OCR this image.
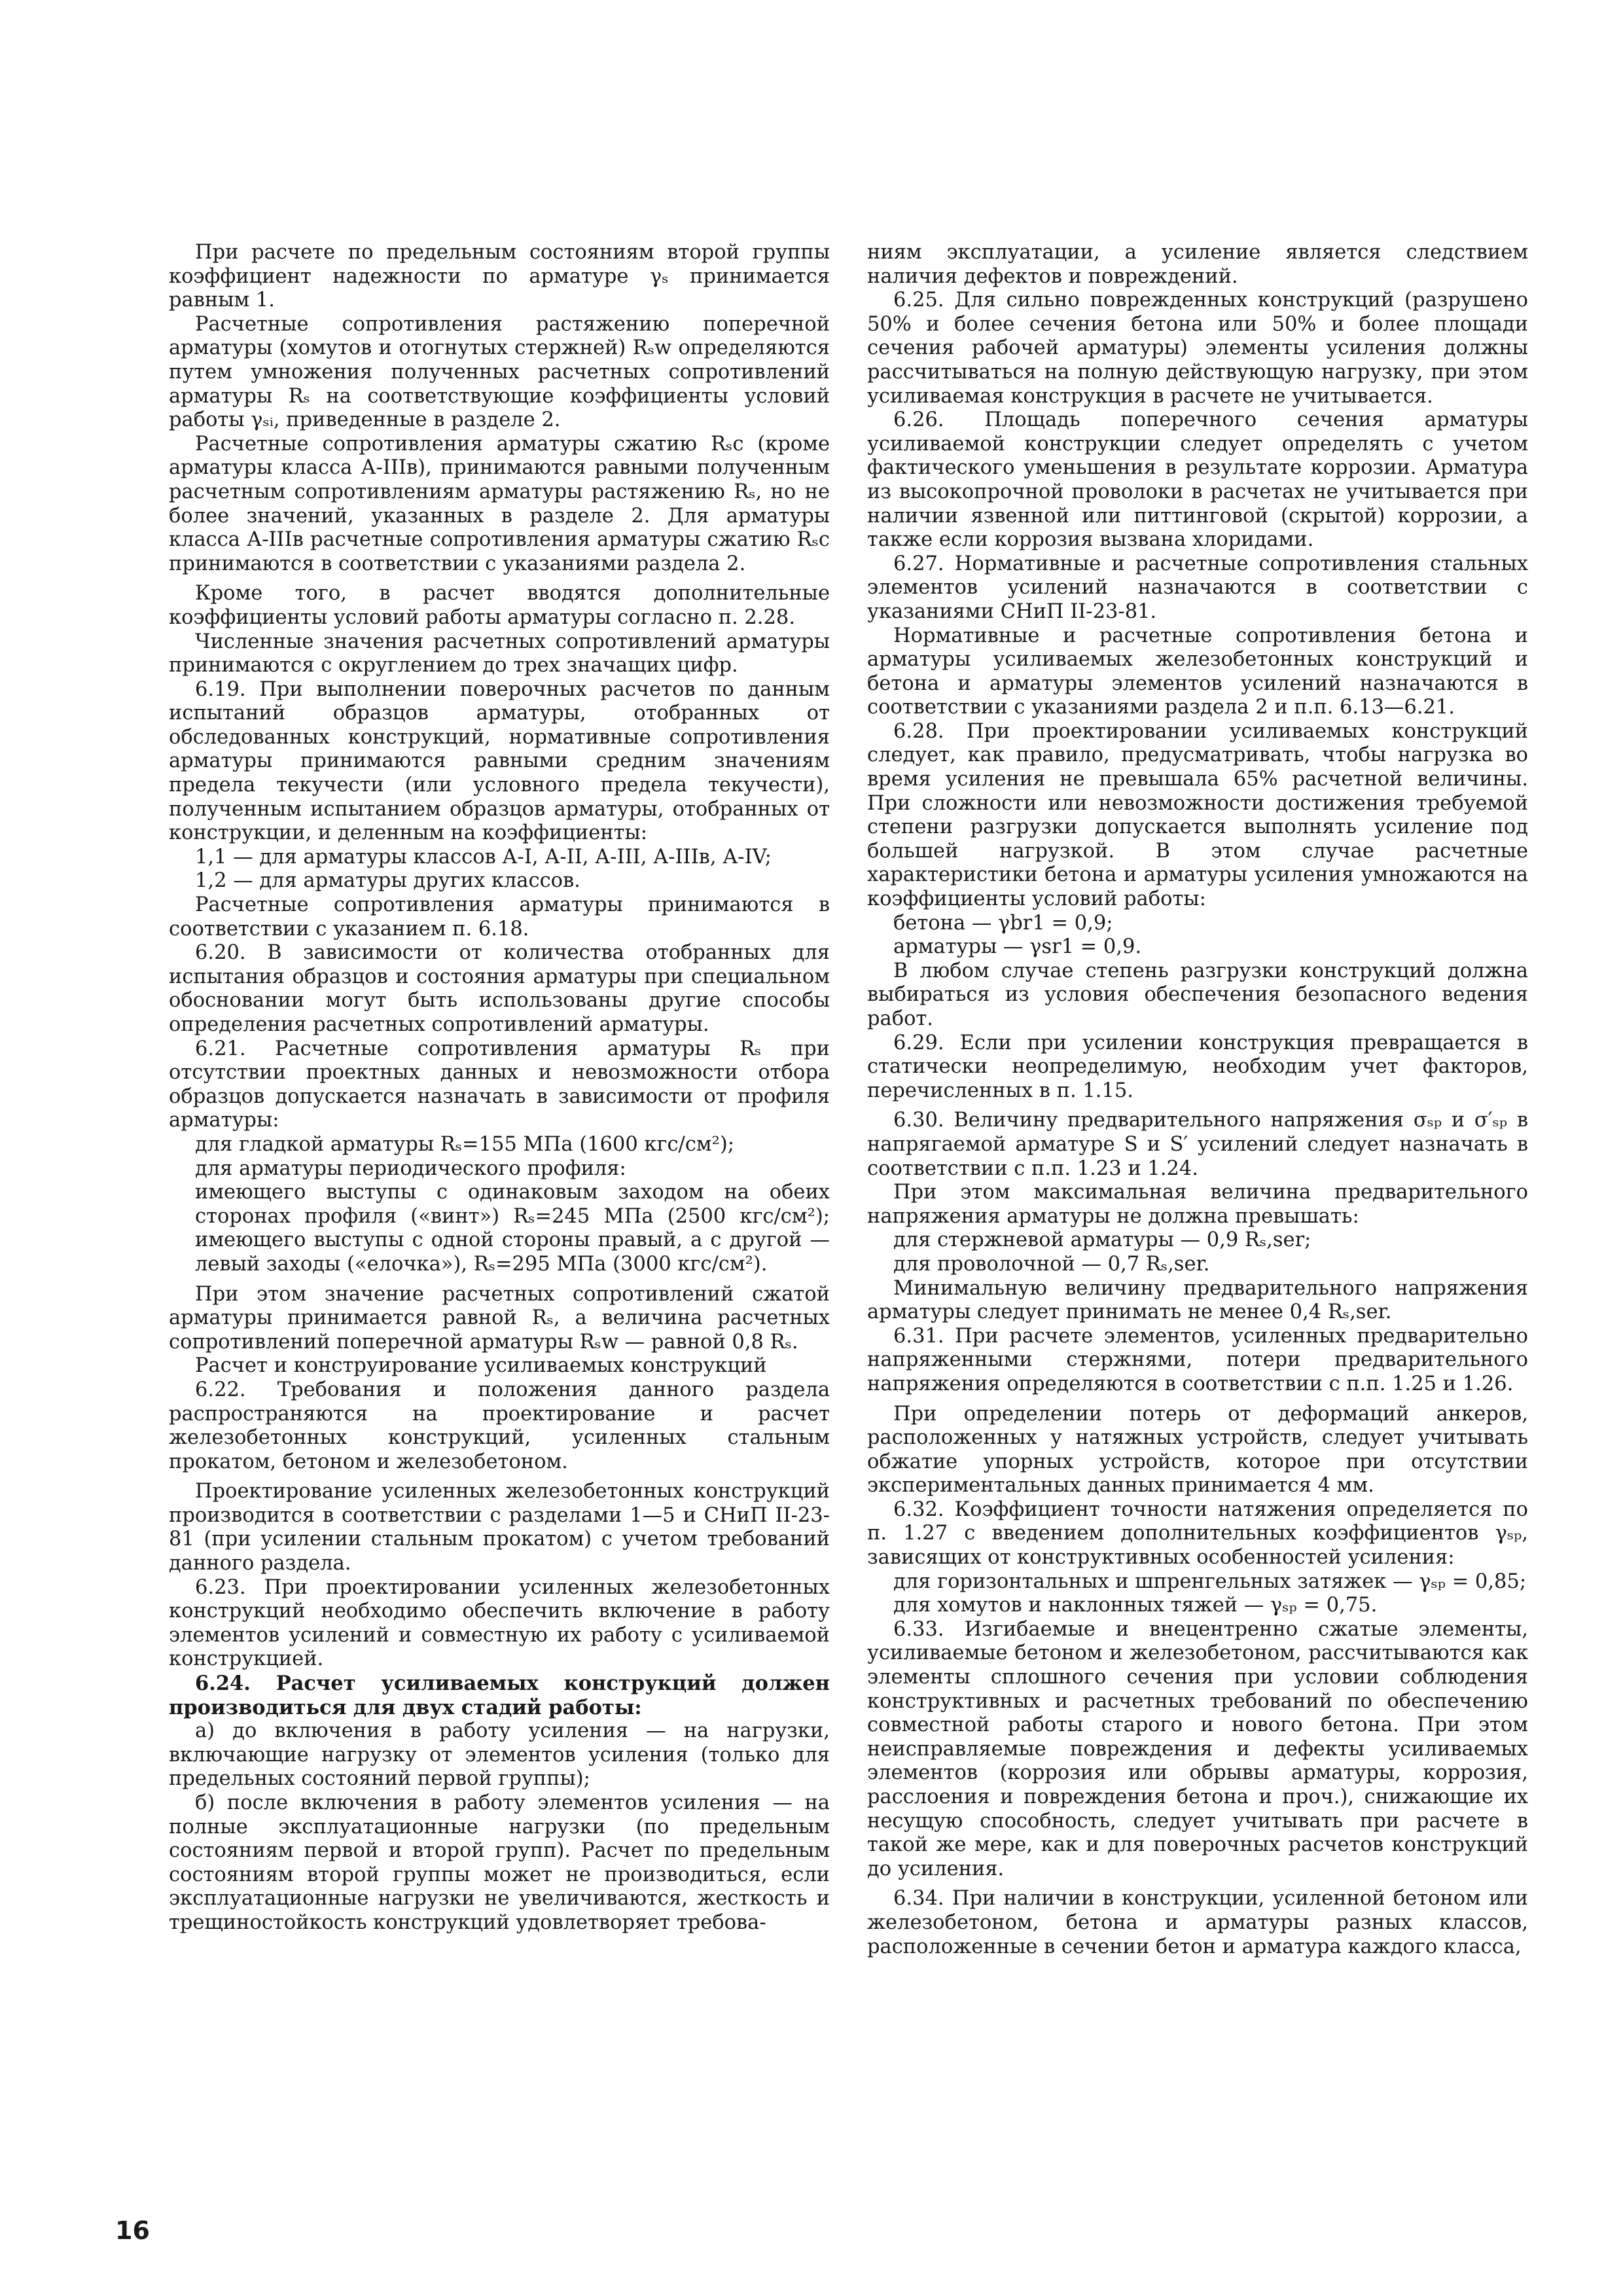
При расчете по предельным состояниям второй группы коэффициент надежности по арматуре γₛ принимается равным 1.

Расчетные сопротивления растяжению поперечной арматуры (хомутов и отогнутых стержней) Rₛw определяются путем умножения полученных расчетных сопротивлений арматуры Rₛ на соответствующие коэффициенты условий работы γₛᵢ, приведенные в разделе 2.

Расчетные сопротивления арматуры сжатию Rₛc (кроме арматуры класса А-IIIв), принимаются равными полученным расчетным сопротивлениям арматуры растяжению Rₛ, но не более значений, указанных в разделе 2. Для арматуры класса А-IIIв расчетные сопротивления арматуры сжатию Rₛc принимаются в соответствии с указаниями раздела 2.

Кроме того, в расчет вводятся дополнительные коэффициенты условий работы арматуры согласно п. 2.28.

Численные значения расчетных сопротивлений арматуры принимаются с округлением до трех значащих цифр.

6.19. При выполнении поверочных расчетов по данным испытаний образцов арматуры, отобранных от обследованных конструкций, нормативные сопротивления арматуры принимаются равными средним значениям предела текучести (или условного предела текучести), полученным испытанием образцов арматуры, отобранных от конструкции, и деленным на коэффициенты:

1,1 — для арматуры классов А-I, А-II, А-III, А-IIIв, А-IV;

1,2 — для арматуры других классов.

Расчетные сопротивления арматуры принимаются в соответствии с указанием п. 6.18.

6.20. В зависимости от количества отобранных для испытания образцов и состояния арматуры при специальном обосновании могут быть использованы другие способы определения расчетных сопротивлений арматуры.

6.21. Расчетные сопротивления арматуры Rₛ при отсутствии проектных данных и невозможности отбора образцов допускается назначать в зависимости от профиля арматуры:

для гладкой арматуры Rₛ=155 МПа (1600 кгс/см²);

для арматуры периодического профиля:

имеющего выступы с одинаковым заходом на обеих сторонах профиля («винт») Rₛ=245 МПа (2500 кгс/см²); имеющего выступы с одной стороны правый, а с другой — левый заходы («елочка»), Rₛ=295 МПа (3000 кгс/см²).

При этом значение расчетных сопротивлений сжатой арматуры принимается равной Rₛ, а величина расчетных сопротивлений поперечной арматуры Rₛw — равной 0,8 Rₛ.

Расчет и конструирование усиливаемых конструкций

6.22. Требования и положения данного раздела распространяются на проектирование и расчет железобетонных конструкций, усиленных стальным прокатом, бетоном и железобетоном.

Проектирование усиленных железобетонных конструкций производится в соответствии с разделами 1—5 и СНиП II-23-81 (при усилении стальным прокатом) с учетом требований данного раздела.

6.23. При проектировании усиленных железобетонных конструкций необходимо обеспечить включение в работу элементов усилений и совместную их работу с усиливаемой конструкцией.

6.24. Расчет усиливаемых конструкций должен производиться для двух стадий работы:

а) до включения в работу усиления — на нагрузки, включающие нагрузку от элементов усиления (только для предельных состояний первой группы);

б) после включения в работу элементов усиления — на полные эксплуатационные нагрузки (по предельным состояниям первой и второй групп). Расчет по предельным состояниям второй группы может не производиться, если эксплуатационные нагрузки не увеличиваются, жесткость и трещиностойкость конструкций удовлетворяет требова-

ниям эксплуатации, а усиление является следствием наличия дефектов и повреждений.

6.25. Для сильно поврежденных конструкций (разрушено 50% и более сечения бетона или 50% и более площади сечения рабочей арматуры) элементы усиления должны рассчитываться на полную действующую нагрузку, при этом усиливаемая конструкция в расчете не учитывается.

6.26. Площадь поперечного сечения арматуры усиливаемой конструкции следует определять с учетом фактического уменьшения в результате коррозии. Арматура из высокопрочной проволоки в расчетах не учитывается при наличии язвенной или питтинговой (скрытой) коррозии, а также если коррозия вызвана хлоридами.

6.27. Нормативные и расчетные сопротивления стальных элементов усилений назначаются в соответствии с указаниями СНиП II-23-81.

Нормативные и расчетные сопротивления бетона и арматуры усиливаемых железобетонных конструкций и бетона и арматуры элементов усилений назначаются в соответствии с указаниями раздела 2 и п.п. 6.13—6.21.

6.28. При проектировании усиливаемых конструкций следует, как правило, предусматривать, чтобы нагрузка во время усиления не превышала 65% расчетной величины. При сложности или невозможности достижения требуемой степени разгрузки допускается выполнять усиление под большей нагрузкой. В этом случае расчетные характеристики бетона и арматуры усиления умножаются на коэффициенты условий работы:

бетона — γbr1 = 0,9;

арматуры — γsr1 = 0,9.

В любом случае степень разгрузки конструкций должна выбираться из условия обеспечения безопасного ведения работ.

6.29. Если при усилении конструкция превращается в статически неопределимую, необходим учет факторов, перечисленных в п. 1.15.

6.30. Величину предварительного напряжения σₛₚ и σ′ₛₚ в напрягаемой арматуре S и S′ усилений следует назначать в соответствии с п.п. 1.23 и 1.24.

При этом максимальная величина предварительного напряжения арматуры не должна превышать:

для стержневой арматуры — 0,9 Rₛ,ser;

для проволочной — 0,7 Rₛ,ser.

Минимальную величину предварительного напряжения арматуры следует принимать не менее 0,4 Rₛ,ser.

6.31. При расчете элементов, усиленных предварительно напряженными стержнями, потери предварительного напряжения определяются в соответствии с п.п. 1.25 и 1.26.

При определении потерь от деформаций анкеров, расположенных у натяжных устройств, следует учитывать обжатие упорных устройств, которое при отсутствии экспериментальных данных принимается 4 мм.

6.32. Коэффициент точности натяжения определяется по п. 1.27 с введением дополнительных коэффициентов γₛₚ, зависящих от конструктивных особенностей усиления:

для горизонтальных и шпренгельных затяжек — γₛₚ = 0,85;

для хомутов и наклонных тяжей — γₛₚ = 0,75.

6.33. Изгибаемые и внецентренно сжатые элементы, усиливаемые бетоном и железобетоном, рассчитываются как элементы сплошного сечения при условии соблюдения конструктивных и расчетных требований по обеспечению совместной работы старого и нового бетона. При этом неисправляемые повреждения и дефекты усиливаемых элементов (коррозия или обрывы арматуры, коррозия, расслоения и повреждения бетона и проч.), снижающие их несущую способность, следует учитывать при расчете в такой же мере, как и для поверочных расчетов конструкций до усиления.

6.34. При наличии в конструкции, усиленной бетоном или железобетоном, бетона и арматуры разных классов, расположенные в сечении бетон и арматура каждого класса,

16
